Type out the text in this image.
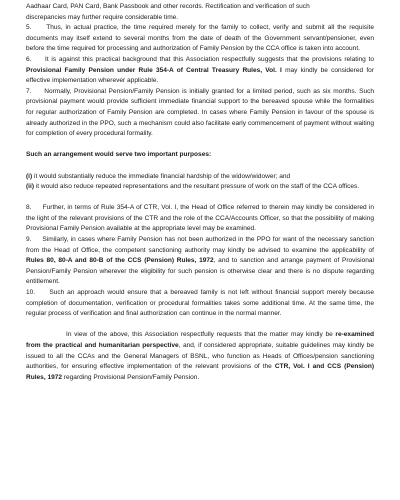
Aadhaar Card, PAN Card, Bank Passbook and other records. Rectification and verification of such
discrepancies may further require considerable time.

5.     Thus, in actual practice, the time required merely for the family to collect, verify and submit all the requisite documents may itself extend to several months from the date of death of the Government servant/pensioner, even before the time required for processing and authorization of Family Pension by the CCA office is taken into account.

6.     It is against this practical background that this Association respectfully suggests that the provisions relating to Provisional Family Pension under Rule 354-A of Central Treasury Rules, Vol. I may kindly be considered for effective implementation wherever applicable.

7.     Normally, Provisional Pension/Family Pension is initially granted for a limited period, such as six months. Such provisional payment would provide sufficient immediate financial support to the bereaved spouse while the formalities for regular authorization of Family Pension are completed. In cases where Family Pension in favour of the spouse is already authorized in the PPO, such a mechanism could also facilitate early commencement of payment without waiting for completion of every procedural formality.

Such an arrangement would serve two important purposes:

(i) it would substantially reduce the immediate financial hardship of the widow/widower; and

(ii) it would also reduce repeated representations and the resultant pressure of work on the staff of the CCA offices.

8.     Further, in terms of Rule 354-A of CTR, Vol. I, the Head of Office referred to therein may kindly be considered in the light of the relevant provisions of the CTR and the role of the CCA/Accounts Officer, so that the possibility of making Provisional Family Pension available at the appropriate level may be examined.

9.     Similarly, in cases where Family Pension has not been authorized in the PPO for want of the necessary sanction from the Head of Office, the competent sanctioning authority may kindly be advised to examine the applicability of Rules 80, 80-A and 80-B of the CCS (Pension) Rules, 1972, and to sanction and arrange payment of Provisional Pension/Family Pension wherever the eligibility for such pension is otherwise clear and there is no dispute regarding entitlement.

10.     Such an approach would ensure that a bereaved family is not left without financial support merely because completion of documentation, verification or procedural formalities takes some additional time. At the same time, the regular process of verification and final authorization can continue in the normal manner.

In view of the above, this Association respectfully requests that the matter may kindly be re-examined from the practical and humanitarian perspective, and, if considered appropriate, suitable guidelines may kindly be issued to all the CCAs and the General Managers of BSNL, who function as Heads of Offices/pension sanctioning authorities, for ensuring effective implementation of the relevant provisions of the CTR, Vol. I and CCS (Pension) Rules, 1972 regarding Provisional Pension/Family Pension.
